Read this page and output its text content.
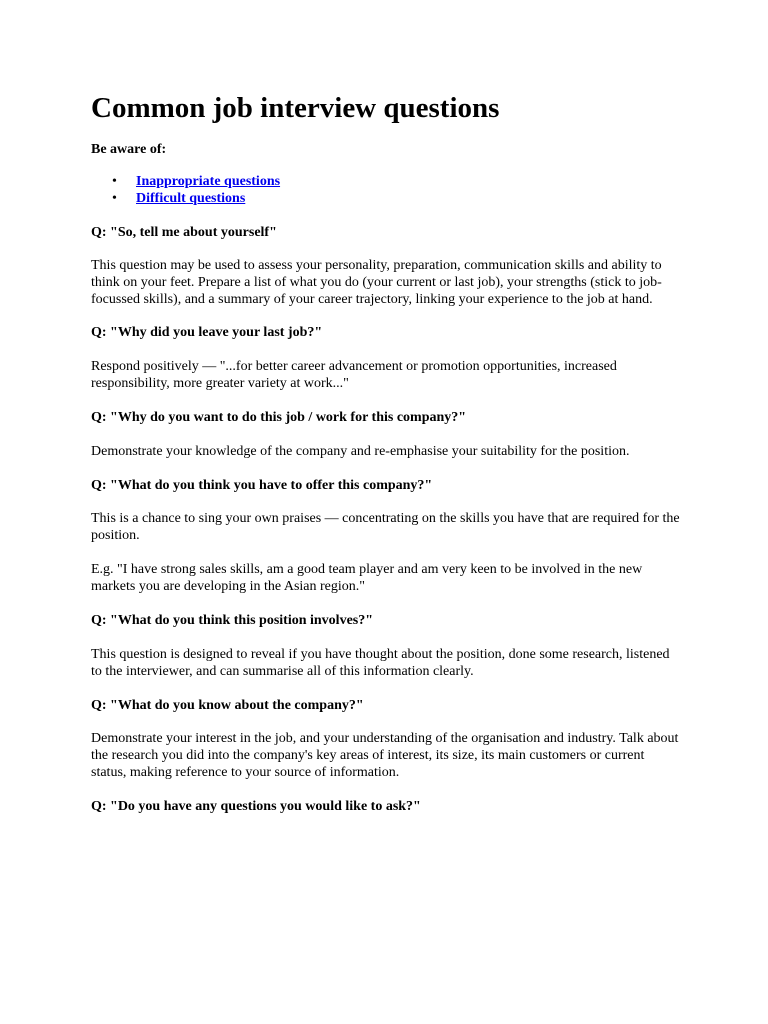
Common job interview questions

Be aware of:

• Inappropriate questions
• Difficult questions

Q: "So, tell me about yourself"

This question may be used to assess your personality, preparation, communication skills and ability to think on your feet. Prepare a list of what you do (your current or last job), your strengths (stick to job-focussed skills), and a summary of your career trajectory, linking your experience to the job at hand.

Q: "Why did you leave your last job?"

Respond positively — "...for better career advancement or promotion opportunities, increased responsibility, more greater variety at work..."

Q: "Why do you want to do this job / work for this company?"

Demonstrate your knowledge of the company and re-emphasise your suitability for the position.

Q: "What do you think you have to offer this company?"

This is a chance to sing your own praises — concentrating on the skills you have that are required for the position.

E.g. "I have strong sales skills, am a good team player and am very keen to be involved in the new markets you are developing in the Asian region."

Q: "What do you think this position involves?"

This question is designed to reveal if you have thought about the position, done some research, listened to the interviewer, and can summarise all of this information clearly.

Q: "What do you know about the company?"

Demonstrate your interest in the job, and your understanding of the organisation and industry. Talk about the research you did into the company's key areas of interest, its size, its main customers or current status, making reference to your source of information.

Q: "Do you have any questions you would like to ask?"
